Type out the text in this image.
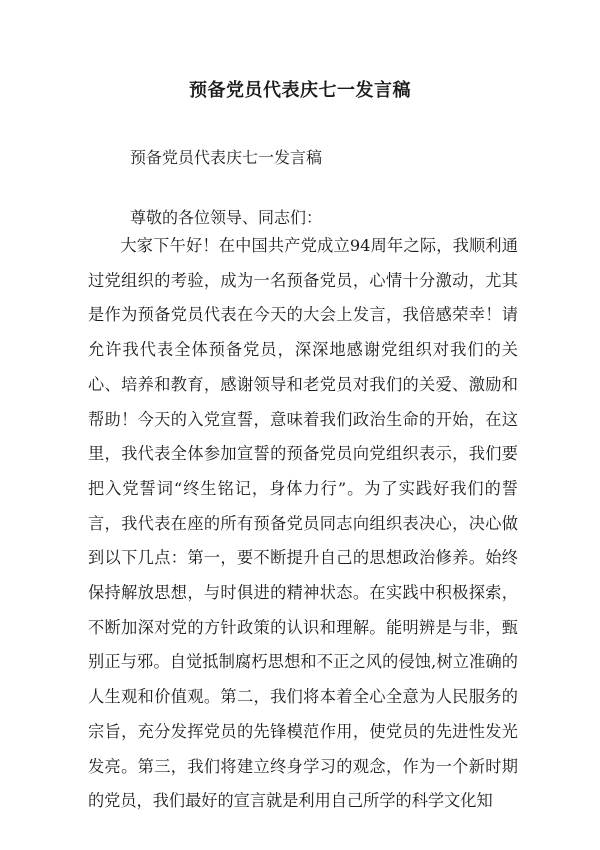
预备党员代表庆七一发言稿
预备党员代表庆七一发言稿
尊敬的各位领导、同志们：
大家下午好！在中国共产党成立94周年之际，我顺利通过党组织的考验，成为一名预备党员，心情十分激动，尤其是作为预备党员代表在今天的大会上发言，我倍感荣幸！请允许我代表全体预备党员，深深地感谢党组织对我们的关心、培养和教育，感谢领导和老党员对我们的关爱、激励和帮助！今天的入党宣誓，意味着我们政治生命的开始，在这里，我代表全体参加宣誓的预备党员向党组织表示，我们要把入党誓词“终生铭记，身体力行”。为了实践好我们的誓言，我代表在座的所有预备党员同志向组织表决心，决心做到以下几点：第一，要不断提升自己的思想政治修养。始终保持解放思想，与时俱进的精神状态。在实践中积极探索，不断加深对党的方针政策的认识和理解。能明辨是与非，甄别正与邪。自觉抵制腐朽思想和不正之风的侵蚀,树立准确的人生观和价值观。第二，我们将本着全心全意为人民服务的宗旨，充分发挥党员的先锋模范作用，使党员的先进性发光发亮。第三，我们将建立终身学习的观念，作为一个新时期的党员，我们最好的宣言就是利用自己所学的科学文化知
